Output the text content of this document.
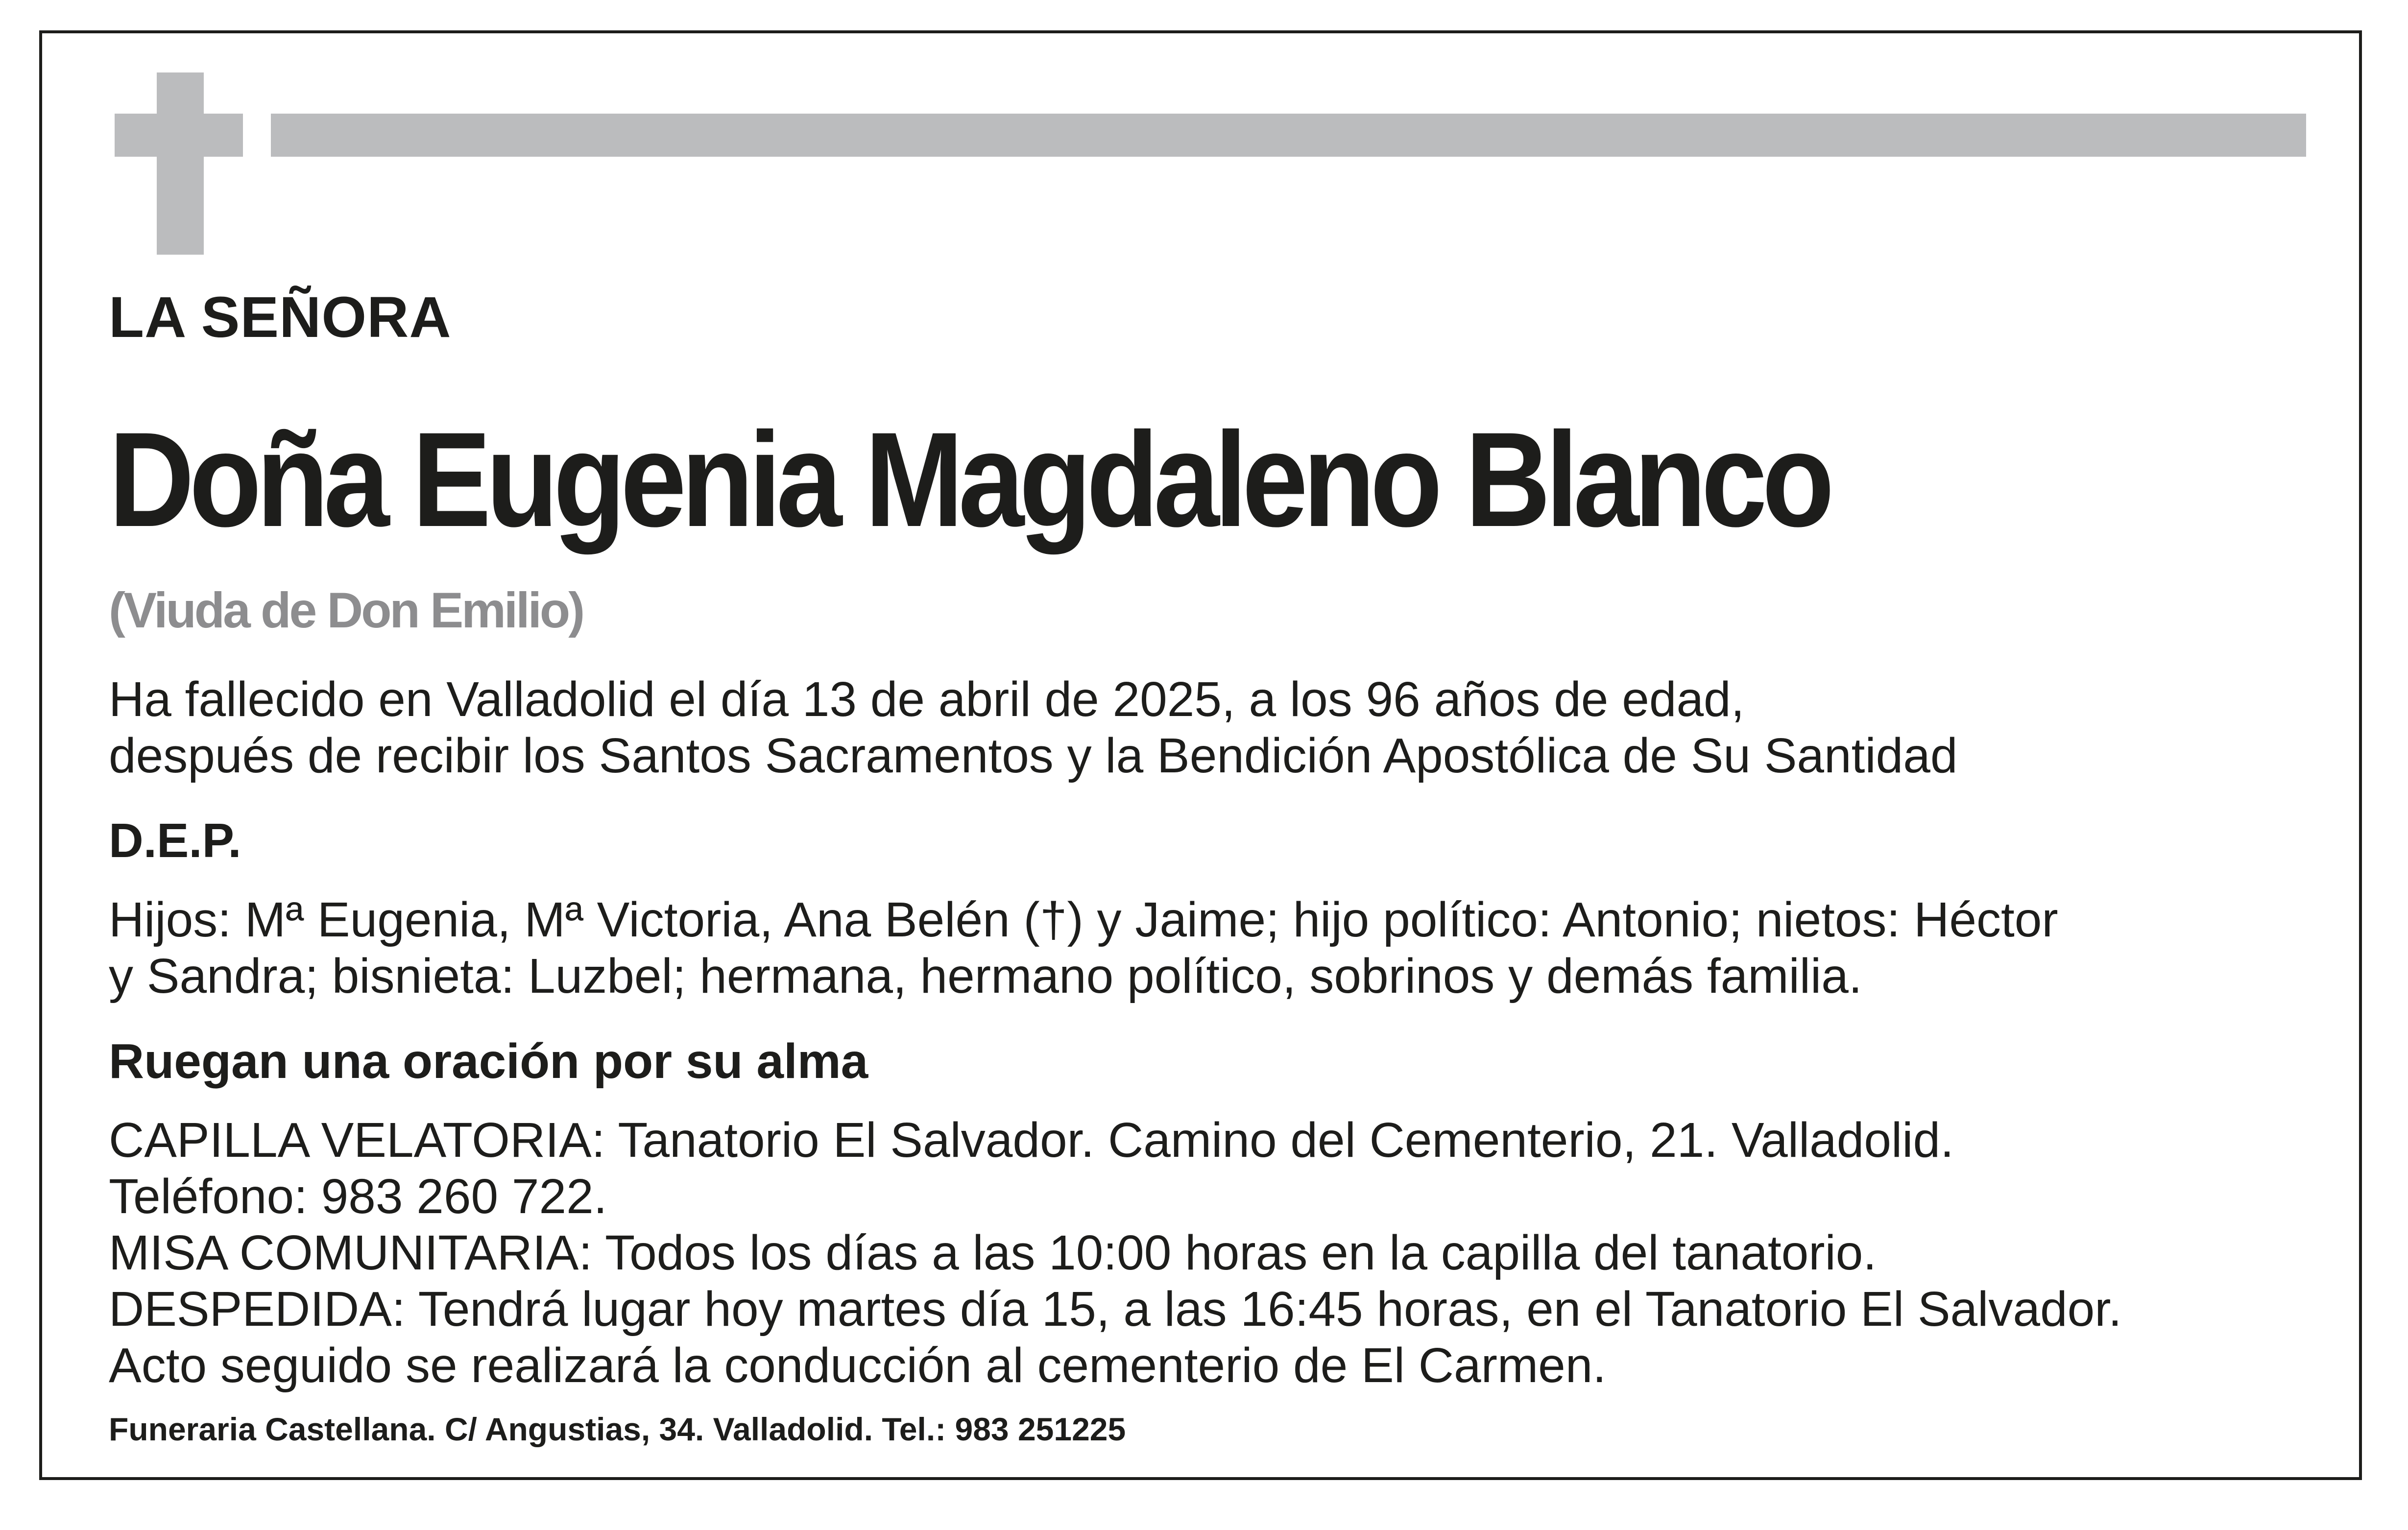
LA SEÑORA

Doña Eugenia Magdaleno Blanco

(Viuda de Don Emilio)

Ha fallecido en Valladolid el día 13 de abril de 2025, a los 96 años de edad,

después de recibir los Santos Sacramentos y la Bendición Apostólica de Su Santidad

D.E.P.

Hijos: Mª Eugenia, Mª Victoria, Ana Belén (†) y Jaime; hijo político: Antonio; nietos: Héctor

y Sandra; bisnieta: Luzbel; hermana, hermano político, sobrinos y demás familia.

Ruegan una oración por su alma

CAPILLA VELATORIA: Tanatorio El Salvador. Camino del Cementerio, 21. Valladolid.

Teléfono: 983 260 722.

MISA COMUNITARIA: Todos los días a las 10:00 horas en la capilla del tanatorio.

DESPEDIDA: Tendrá lugar hoy martes día 15, a las 16:45 horas, en el Tanatorio El Salvador.

Acto seguido se realizará la conducción al cementerio de El Carmen.

Funeraria Castellana. C/ Angustias, 34. Valladolid. Tel.: 983 251225
